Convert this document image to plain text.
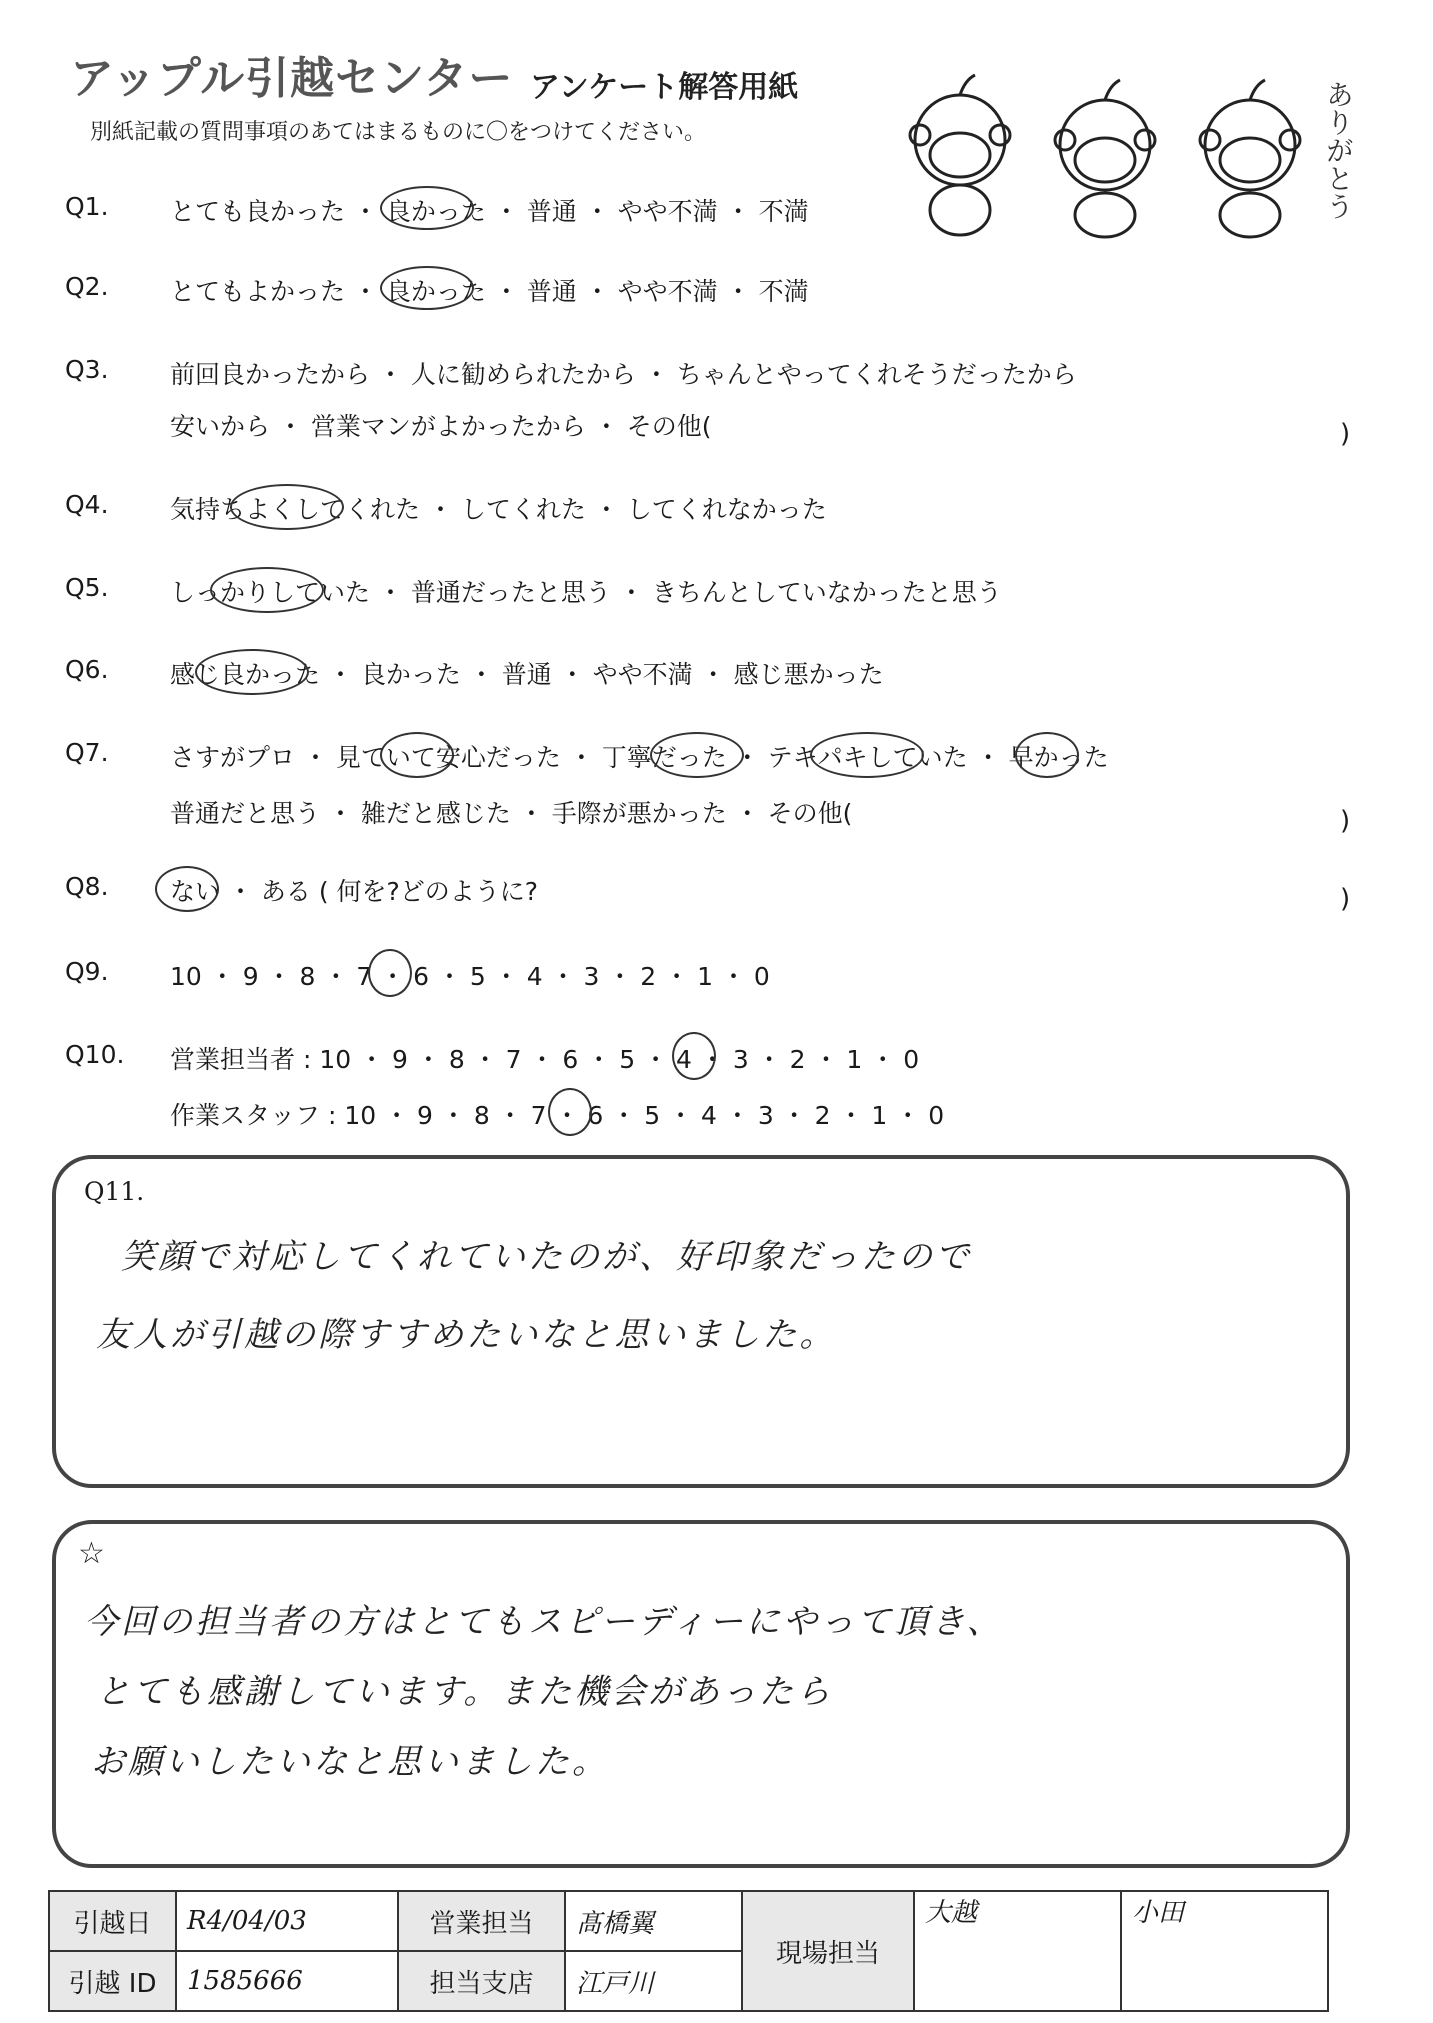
アップル引越センター アンケート解答用紙
別紙記載の質問事項のあてはまるものに〇をつけてください。	ありがとう
Q1. とても良かった ・ 良かった ・ 普通 ・ やや不満 ・ 不満
Q2. とてもよかった ・ 良かった ・ 普通 ・ やや不満 ・ 不満
Q3. 前回良かったから ・ 人に勧められたから ・ ちゃんとやってくれそうだったから
安いから ・ 営業マンがよかったから ・ その他(	)
Q4. 気持ちよくしてくれた ・ してくれた ・ してくれなかった
Q5. しっかりしていた ・ 普通だったと思う ・ きちんとしていなかったと思う
Q6. 感じ良かった ・ 良かった ・ 普通 ・ やや不満 ・ 感じ悪かった
Q7. さすがプロ ・ 見ていて安心だった ・ 丁寧だった ・ テキパキしていた ・ 早かった
普通だと思う ・ 雑だと感じた ・ 手際が悪かった ・ その他(	)
Q8. ない ・ ある ( 何を?どのように?	)
Q9. 10 ・ 9 ・ 8 ・ 7 ・ 6 ・ 5 ・ 4 ・ 3 ・ 2 ・ 1 ・ 0
Q10. 営業担当者 : 10 ・ 9 ・ 8 ・ 7 ・ 6 ・ 5 ・ 4 ・ 3 ・ 2 ・ 1 ・ 0
作業スタッフ : 10 ・ 9 ・ 8 ・ 7 ・ 6 ・ 5 ・ 4 ・ 3 ・ 2 ・ 1 ・ 0
Q11.
笑顔で対応してくれていたのが、好印象だったので
友人が引越の際すすめたいなと思いました。
☆
今回の担当者の方はとてもスピーディーにやって頂き、
とても感謝しています。また機会があったら
お願いしたいなと思いました。
引越日	R4/04/03	営業担当	髙橋翼	現場担当	大越	小田
引越 ID	1585666	担当支店	江戸川			
